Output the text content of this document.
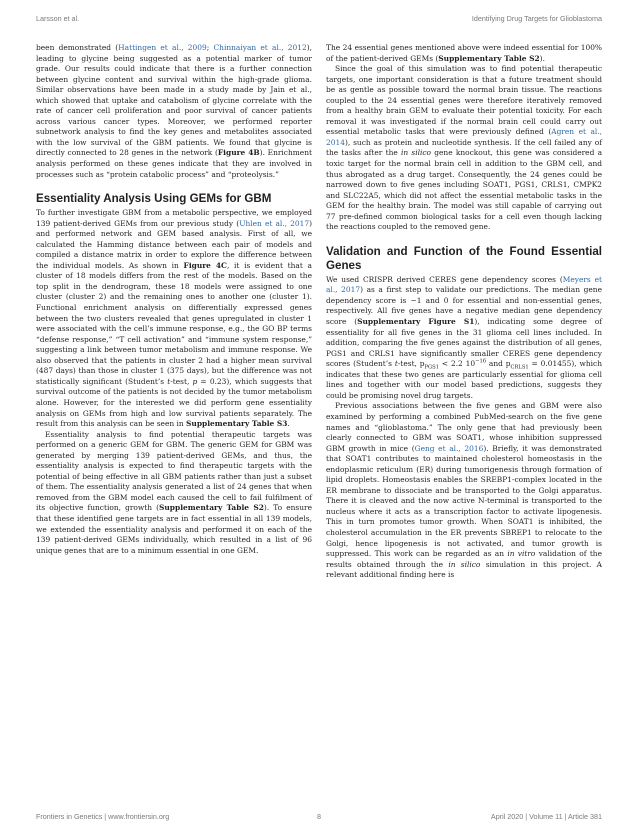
Larsson et al.	Identifying Drug Targets for Glioblastoma

been demonstrated (Hattingen et al., 2009; Chinnaiyan et al., 2012), leading to glycine being suggested as a potential marker of tumor grade. Our results could indicate that there is a further connection between glycine content and survival within the high-grade glioma. Similar observations have been made in a study made by Jain et al., which showed that uptake and catabolism of glycine correlate with the rate of cancer cell proliferation and poor survival of cancer patients across various cancer types. Moreover, we performed reporter subnetwork analysis to find the key genes and metabolites associated with the low survival of the GBM patients. We found that glycine is directly connected to 28 genes in the network (Figure 4B). Enrichment analysis performed on these genes indicate that they are involved in processes such as “protein catabolic process” and “proteolysis.”

Essentiality Analysis Using GEMs for GBM

To further investigate GBM from a metabolic perspective, we employed 139 patient-derived GEMs from our previous study (Uhlen et al., 2017) and performed network and GEM based analysis. First of all, we calculated the Hamming distance between each pair of models and compiled a distance matrix in order to explore the difference between the individual models. As shown in Figure 4C, it is evident that a cluster of 18 models differs from the rest of the models. Based on the top split in the dendrogram, these 18 models were assigned to one cluster (cluster 2) and the remaining ones to another one (cluster 1). Functional enrichment analysis on differentially expressed genes between the two clusters revealed that genes upregulated in cluster 1 were associated with the cell’s immune response, e.g., the GO BP terms “defense response,” “T cell activation” and “immune system response,” suggesting a link between tumor metabolism and immune response. We also observed that the patients in cluster 2 had a higher mean survival (487 days) than those in cluster 1 (375 days), but the difference was not statistically significant (Student’s t-test, p = 0.23), which suggests that survival outcome of the patients is not decided by the tumor metabolism alone. However, for the interested we did perform gene essentiality analysis on GEMs from high and low survival patients separately. The result from this analysis can be seen in Supplementary Table S3.

Essentiality analysis to find potential therapeutic targets was performed on a generic GEM for GBM. The generic GEM for GBM was generated by merging 139 patient-derived GEMs, and thus, the essentiality analysis is expected to find therapeutic targets with the potential of being effective in all GBM patients rather than just a subset of them. The essentiality analysis generated a list of 24 genes that when removed from the GBM model each caused the cell to fail fulfilment of its objective function, growth (Supplementary Table S2). To ensure that these identified gene targets are in fact essential in all 139 models, we extended the essentiality analysis and performed it on each of the 139 patient-derived GEMs individually, which resulted in a list of 96 unique genes that are to a minimum essential in one GEM.

The 24 essential genes mentioned above were indeed essential for 100% of the patient-derived GEMs (Supplementary Table S2).

Since the goal of this simulation was to find potential therapeutic targets, one important consideration is that a future treatment should be as gentle as possible toward the normal brain tissue. The reactions coupled to the 24 essential genes were therefore iteratively removed from a healthy brain GEM to evaluate their potential toxicity. For each removal it was investigated if the normal brain cell could carry out essential metabolic tasks that were previously defined (Agren et al., 2014), such as protein and nucleotide synthesis. If the cell failed any of the tasks after the in silico gene knockout, this gene was considered a toxic target for the normal brain cell in addition to the GBM cell, and thus abrogated as a drug target. Consequently, the 24 genes could be narrowed down to five genes including SOAT1, PGS1, CRLS1, CMPK2 and SLC22A5, which did not affect the essential metabolic tasks in the GEM for the healthy brain. The model was still capable of carrying out 77 pre-defined common biological tasks for a cell even though lacking the reactions coupled to the removed gene.

Validation and Function of the Found Essential Genes

We used CRISPR derived CERES gene dependency scores (Meyers et al., 2017) as a first step to validate our predictions. The median gene dependency score is −1 and 0 for essential and non-essential genes, respectively. All five genes have a negative median gene dependency score (Supplementary Figure S1), indicating some degree of essentiality for all five genes in the 31 glioma cell lines included. In addition, comparing the five genes against the distribution of all genes, PGS1 and CRLS1 have significantly smaller CERES gene dependency scores (Student’s t-test, $p_{PGS1} < 2.2$ $10^{-16}$ and $p_{CRLS1} = 0.01455$), which indicates that these two genes are particularly essential for glioma cell lines and together with our model based predictions, suggests they could be promising novel drug targets.

Previous associations between the five genes and GBM were also examined by performing a combined PubMed-search on the five gene names and “glioblastoma.” The only gene that had previously been clearly connected to GBM was SOAT1, whose inhibition suppressed GBM growth in mice (Geng et al., 2016). Briefly, it was demonstrated that SOAT1 contributes to maintained cholesterol homeostasis in the endoplasmic reticulum (ER) during tumorigenesis through formation of lipid droplets. Homeostasis enables the SREBP1-complex located in the ER membrane to dissociate and be transported to the Golgi apparatus. There it is cleaved and the now active N-terminal is transported to the nucleus where it acts as a transcription factor to activate lipogenesis. This in turn promotes tumor growth. When SOAT1 is inhibited, the cholesterol accumulation in the ER prevents SBREP1 to relocate to the Golgi, hence lipogenesis is not activated, and tumor growth is suppressed. This work can be regarded as an in vitro validation of the results obtained through the in silico simulation in this project. A relevant additional finding here is

Frontiers in Genetics | www.frontiersin.org	8	April 2020 | Volume 11 | Article 381
